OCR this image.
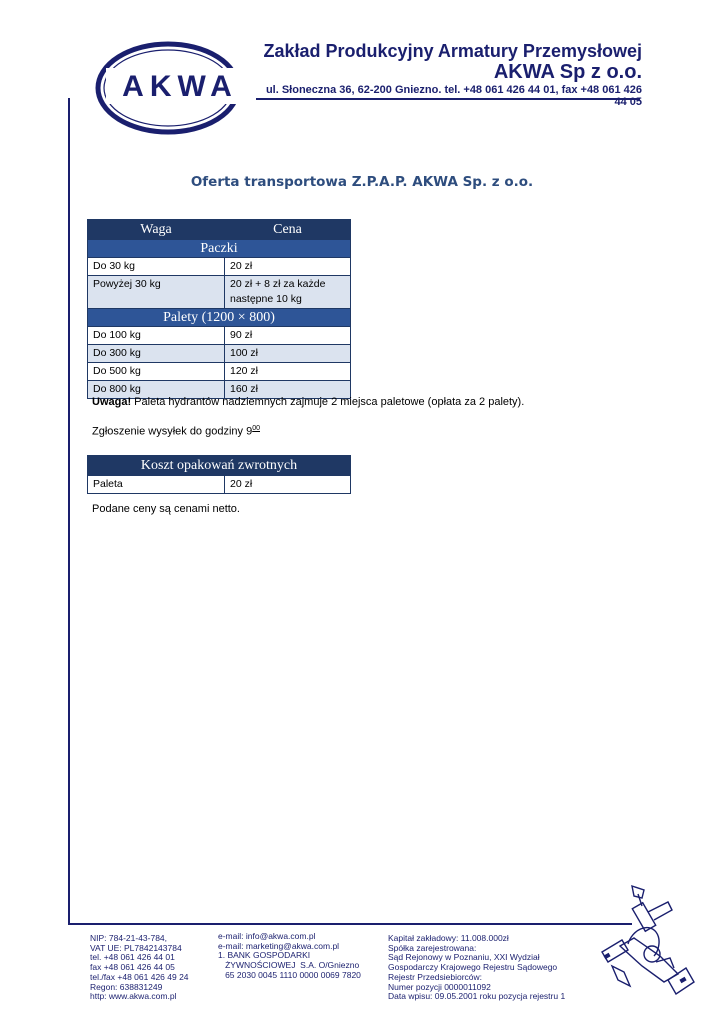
AKWA
Zakład Produkcyjny Armatury Przemysłowej
AKWA Sp z o.o.
ul. Słoneczna 36, 62-200 Gniezno. tel. +48 061 426 44 01, fax +48 061 426 44 05
Oferta transportowa Z.P.A.P. AKWA Sp. z o.o.
Waga	Cena
Paczki	
Do 30 kg	20 zł
Powyżej 30 kg	20 zł + 8 zł za każde następne 10 kg
Palety (1200 × 800)	
Do 100 kg	90 zł
Do 300 kg	100 zł
Do 500 kg	120 zł
Do 800 kg	160 zł
Uwaga! Paleta hydrantów nadziemnych zajmuje 2 miejsca paletowe (opłata za 2 palety).
Zgłoszenie wysyłek do godziny $9^{00}$
Koszt opakowań zwrotnych
Paleta	20 zł
Podane ceny są cenami netto.
NIP: 784-21-43-784,
VAT UE: PL7842143784
tel. +48 061 426 44 01
fax +48 061 426 44 05
tel./fax +48 061 426 49 24
Regon: 638831249
http: www.akwa.com.pl
e-mail: info@akwa.com.pl
e-mail: marketing@akwa.com.pl
1. BANK GOSPODARKI
ŻYWNOŚCIOWEJ  S.A. O/Gniezno
65 2030 0045 1110 0000 0069 7820
Kapitał zakładowy: 11.008.000zł
Spółka zarejestrowana:
Sąd Rejonowy w Poznaniu, XXI Wydział
Gospodarczy Krajowego Rejestru Sądowego
Rejestr Przedsiebiorców:
Numer pozycji 0000011092
Data wpisu: 09.05.2001 roku pozycja rejestru 1
